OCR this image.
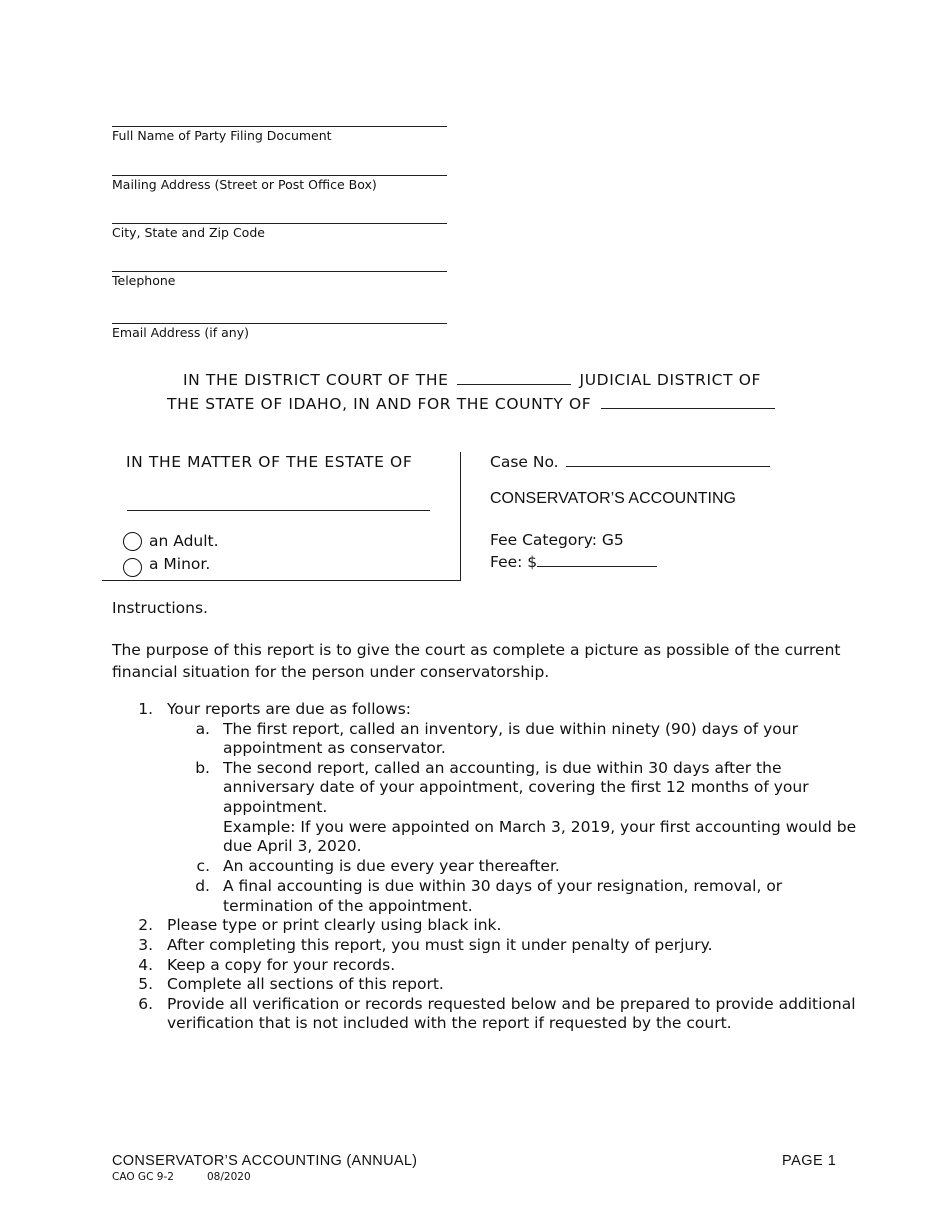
Full Name of Party Filing Document
Mailing Address (Street or Post Office Box)
City, State and Zip Code
Telephone
Email Address (if any)
IN THE DISTRICT COURT OF THE	JUDICIAL DISTRICT OF
THE STATE OF IDAHO, IN AND FOR THE COUNTY OF
IN THE MATTER OF THE ESTATE OF
an Adult.
a Minor.
Case No.
CONSERVATOR’S ACCOUNTING
Fee Category: G5
Fee: $
Instructions.
The purpose of this report is to give the court as complete a picture as possible of the current financial situation for the person under conservatorship.
1. Your reports are due as follows:
a. The first report, called an inventory, is due within ninety (90) days of your
appointment as conservator.
b. The second report, called an accounting, is due within 30 days after the
anniversary date of your appointment, covering the first 12 months of your
appointment.
Example: If you were appointed on March 3, 2019, your first accounting would be
due April 3, 2020.
c. An accounting is due every year thereafter.
d. A final accounting is due within 30 days of your resignation, removal, or
termination of the appointment.
2. Please type or print clearly using black ink.
3. After completing this report, you must sign it under penalty of perjury.
4. Keep a copy for your records.
5. Complete all sections of this report.
6. Provide all verification or records requested below and be prepared to provide additional
verification that is not included with the report if requested by the court.
CONSERVATOR’S ACCOUNTING (ANNUAL)	PAGE 1
CAO GC 9-2	08/2020
